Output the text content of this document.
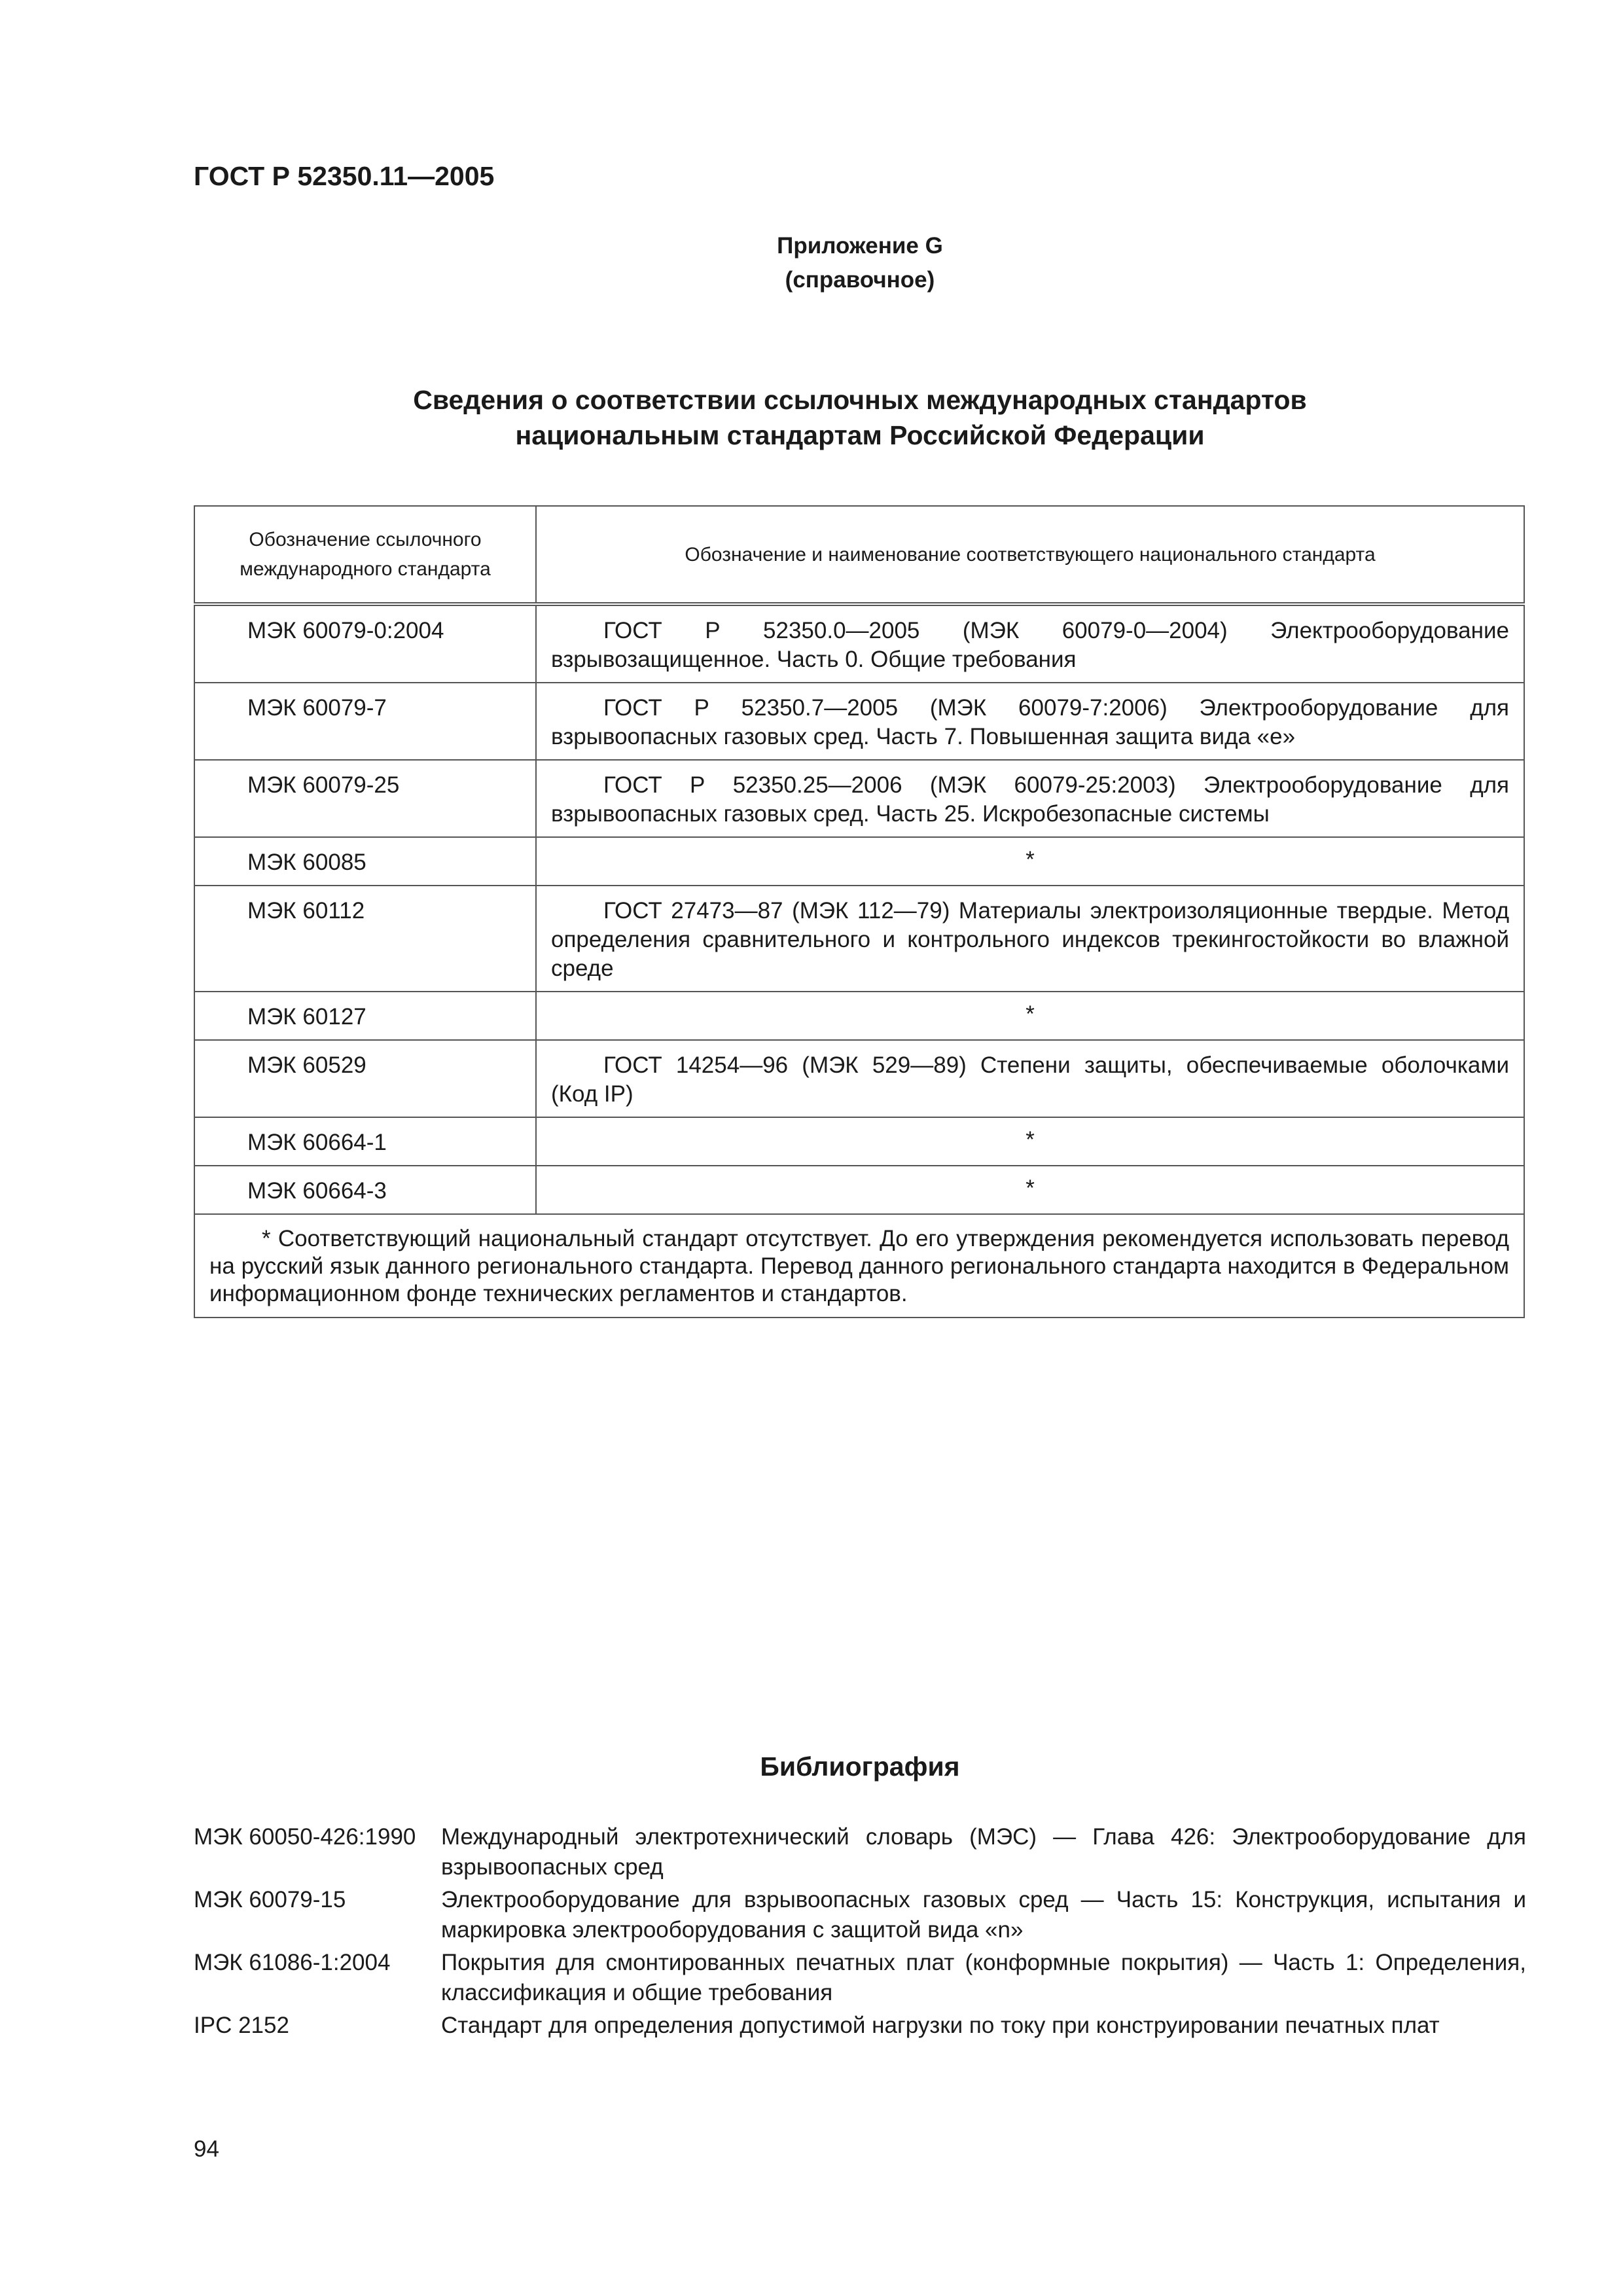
ГОСТ Р 52350.11—2005
Приложение G
(справочное)
Сведения о соответствии ссылочных международных стандартов
национальным стандартам Российской Федерации
Обозначение ссылочного международного стандарта	Обозначение и наименование соответствующего национального стандарта
МЭК 60079-0:2004	ГОСТ Р 52350.0—2005 (МЭК 60079-0—2004) Электрооборудование взрывозащищенное. Часть 0. Общие требования
МЭК 60079-7	ГОСТ Р 52350.7—2005 (МЭК 60079-7:2006) Электрооборудование для взрывоопасных газовых сред. Часть 7. Повышенная защита вида «е»
МЭК 60079-25	ГОСТ Р 52350.25—2006 (МЭК 60079-25:2003) Электрооборудование для взрывоопасных газовых сред. Часть 25. Искробезопасные системы
МЭК 60085	*
МЭК 60112	ГОСТ 27473—87 (МЭК 112—79) Материалы электроизоляционные твердые. Метод определения сравнительного и контрольного индексов трекингостойкости во влажной среде
МЭК 60127	*
МЭК 60529	ГОСТ 14254—96 (МЭК 529—89) Степени защиты, обеспечиваемые оболочками (Код IP)
МЭК 60664-1	*
МЭК 60664-3	*
* Соответствующий национальный стандарт отсутствует. До его утверждения рекомендуется использовать перевод на русский язык данного регионального стандарта. Перевод данного регионального стандарта находится в Федеральном информационном фонде технических регламентов и стандартов.	
Библиография
МЭК 60050-426:1990	Международный электротехнический словарь (МЭС) — Глава 426: Электрооборудование для взрывоопасных сред
МЭК 60079-15	Электрооборудование для взрывоопасных газовых сред — Часть 15: Конструкция, испытания и маркировка электрооборудования с защитой вида «n»
МЭК 61086-1:2004	Покрытия для смонтированных печатных плат (конформные покрытия) — Часть 1: Определения, классификация и общие требования
IPC 2152	Стандарт для определения допустимой нагрузки по току при конструировании печатных плат
94
